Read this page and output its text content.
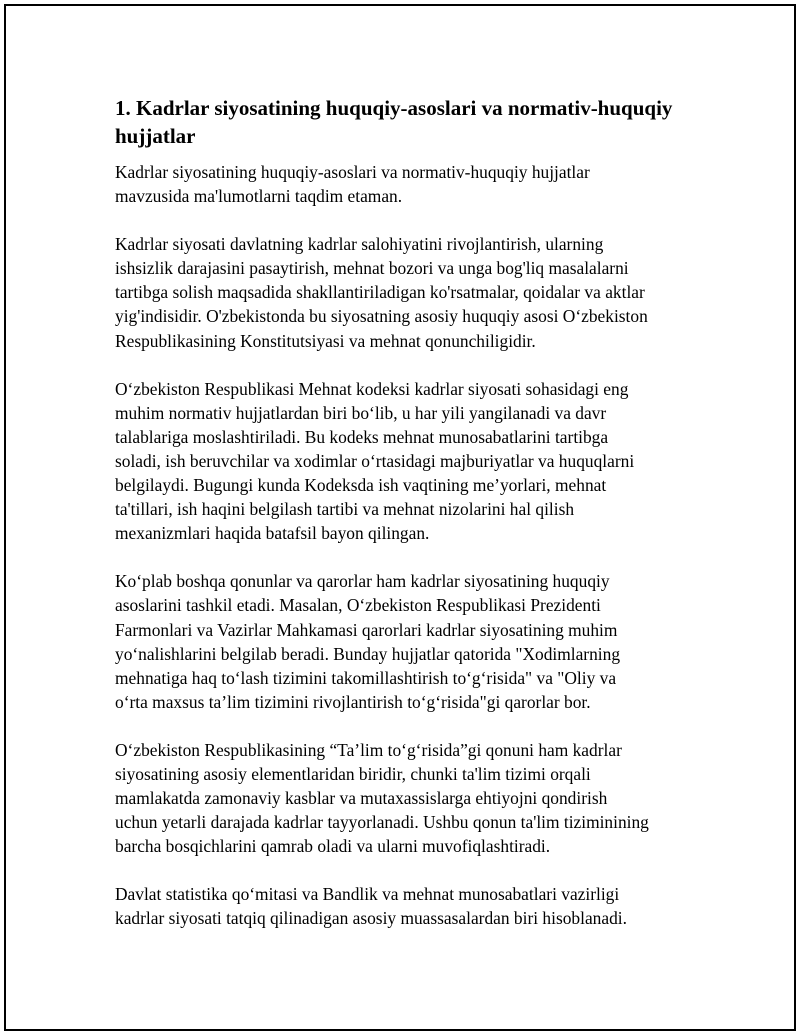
1. Kadrlar siyosatining huquqiy-asoslari va normativ-huquqiy hujjatlar

Kadrlar siyosatining huquqiy-asoslari va normativ-huquqiy hujjatlar
mavzusida ma'lumotlarni taqdim etaman.

Kadrlar siyosati davlatning kadrlar salohiyatini rivojlantirish, ularning
ishsizlik darajasini pasaytirish, mehnat bozori va unga bog'liq masalalarni
tartibga solish maqsadida shakllantiriladigan ko'rsatmalar, qoidalar va aktlar
yig'indisidir. O'zbekistonda bu siyosatning asosiy huquqiy asosi O‘zbekiston
Respublikasining Konstitutsiyasi va mehnat qonunchiligidir.

O‘zbekiston Respublikasi Mehnat kodeksi kadrlar siyosati sohasidagi eng
muhim normativ hujjatlardan biri bo‘lib, u har yili yangilanadi va davr
talablariga moslashtiriladi. Bu kodeks mehnat munosabatlarini tartibga
soladi, ish beruvchilar va xodimlar o‘rtasidagi majburiyatlar va huquqlarni
belgilaydi. Bugungi kunda Kodeksda ish vaqtining me’yorlari, mehnat
ta'tillari, ish haqini belgilash tartibi va mehnat nizolarini hal qilish
mexanizmlari haqida batafsil bayon qilingan.

Ko‘plab boshqa qonunlar va qarorlar ham kadrlar siyosatining huquqiy
asoslarini tashkil etadi. Masalan, O‘zbekiston Respublikasi Prezidenti
Farmonlari va Vazirlar Mahkamasi qarorlari kadrlar siyosatining muhim
yo‘nalishlarini belgilab beradi. Bunday hujjatlar qatorida "Xodimlarning
mehnatiga haq to‘lash tizimini takomillashtirish to‘g‘risida" va "Oliy va
o‘rta maxsus ta’lim tizimini rivojlantirish to‘g‘risida"gi qarorlar bor.

O‘zbekiston Respublikasining “Ta’lim to‘g‘risida”gi qonuni ham kadrlar
siyosatining asosiy elementlaridan biridir, chunki ta'lim tizimi orqali
mamlakatda zamonaviy kasblar va mutaxassislarga ehtiyojni qondirish
uchun yetarli darajada kadrlar tayyorlanadi. Ushbu qonun ta'lim tiziminining
barcha bosqichlarini qamrab oladi va ularni muvofiqlashtiradi.

Davlat statistika qo‘mitasi va Bandlik va mehnat munosabatlari vazirligi
kadrlar siyosati tatqiq qilinadigan asosiy muassasalardan biri hisoblanadi.
